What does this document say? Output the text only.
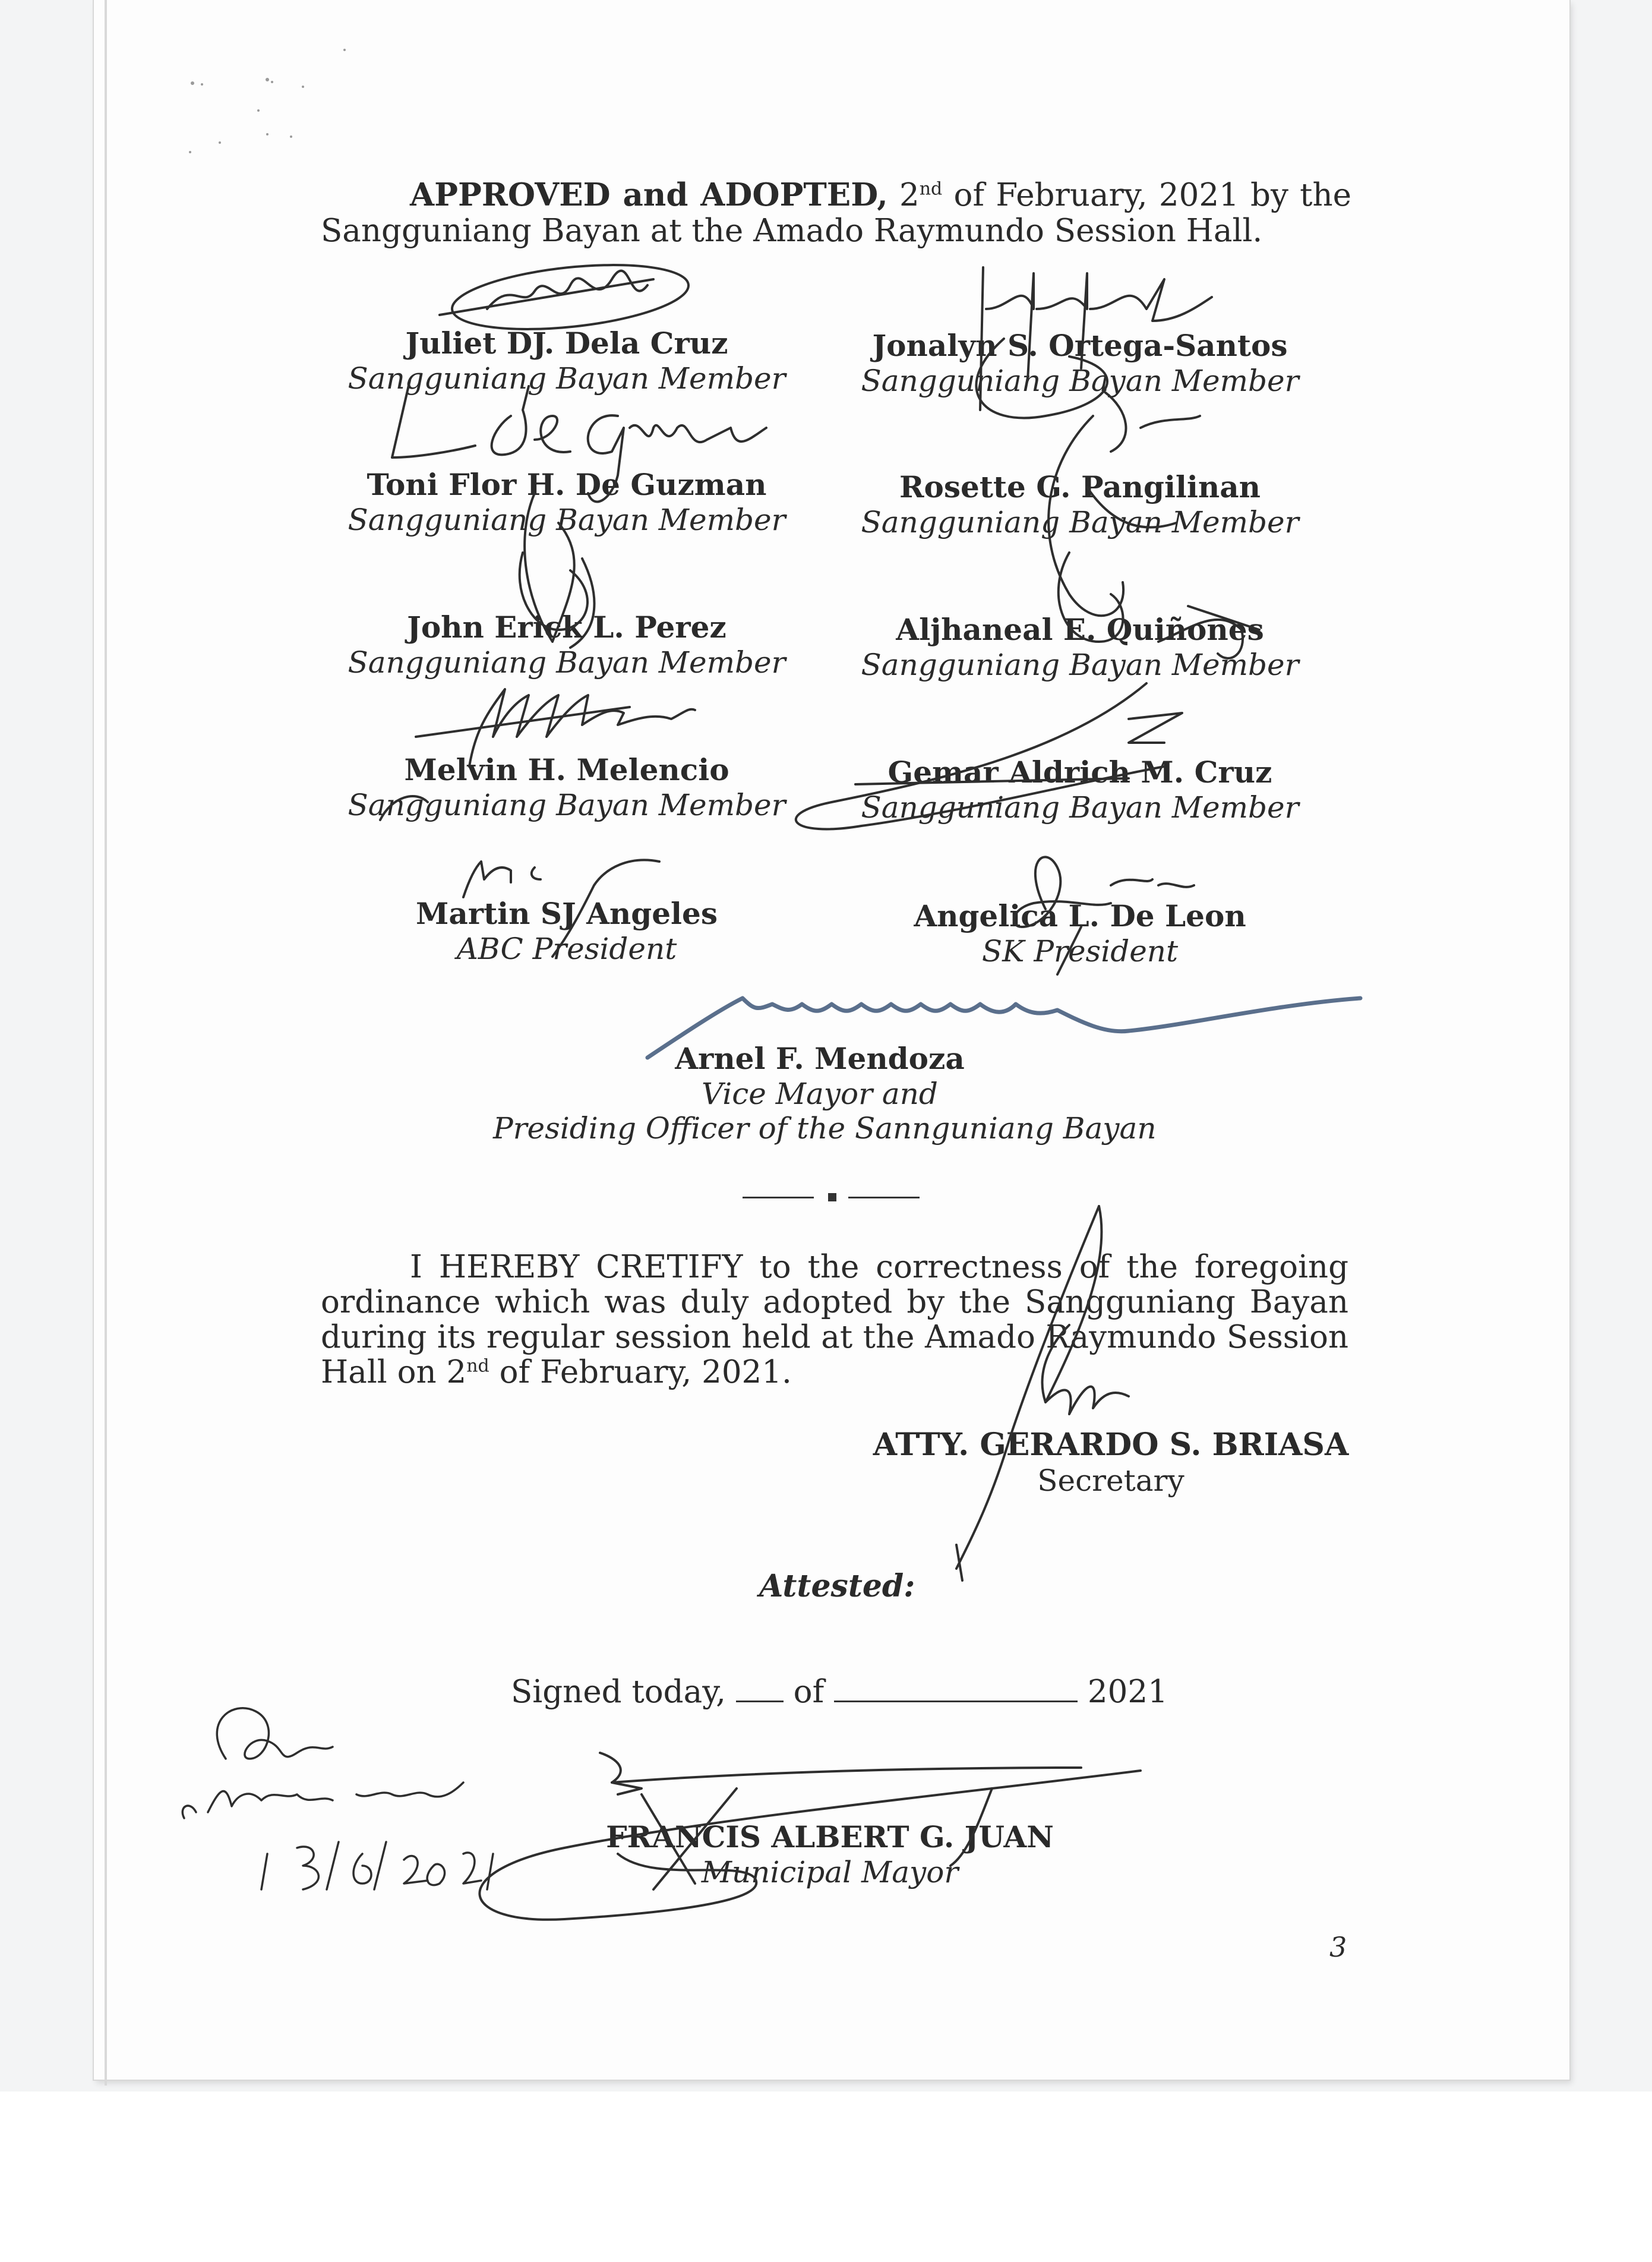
APPROVED and ADOPTED, 2nd of February, 2021 by the
Sangguniang Bayan at the Amado Raymundo Session Hall.
Juliet DJ. Dela Cruz
Sangguniang Bayan Member
Jonalyn S. Ortega-Santos
Sangguniang Bayan Member
Toni Flor H. De Guzman
Sangguniang Bayan Member
Rosette G. Pangilinan
Sangguniang Bayan Member
John Erick L. Perez
Sangguniang Bayan Member
Aljhaneal E. Quiñones
Sangguniang Bayan Member
Melvin H. Melencio
Sangguniang Bayan Member
Gemar Aldrich M. Cruz
Sangguniang Bayan Member
Martin SJ Angeles
ABC President
Angelica L. De Leon
SK President
Arnel F. Mendoza
Vice Mayor and
Presiding Officer of the Sannguniang Bayan
I HEREBY CRETIFY to the correctness of the foregoing
ordinance which was duly adopted by the Sangguniang Bayan
during its regular session held at the Amado Raymundo Session
Hall on 2nd of February, 2021.
ATTY. GERARDO S. BRIASA
Secretary
Attested:
Signed today, of	2021
FRANCIS ALBERT G. JUAN
Municipal Mayor
3
